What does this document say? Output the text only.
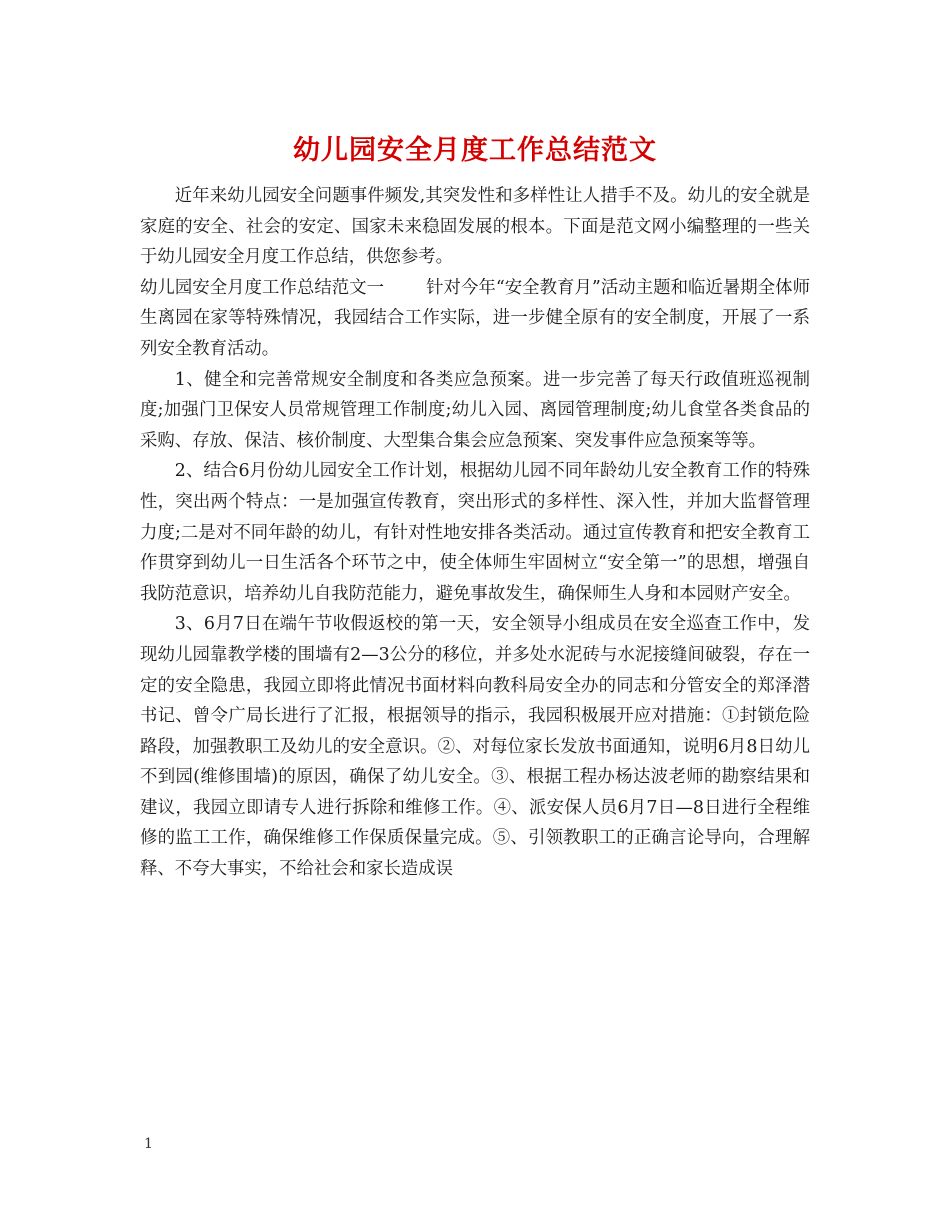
幼儿园安全月度工作总结范文

近年来幼儿园安全问题事件频发,其突发性和多样性让人措手不及。幼儿的安全就是家庭的安全、社会的安定、国家未来稳固发展的根本。下面是范文网小编整理的一些关于幼儿园安全月度工作总结，供您参考。

幼儿园安全月度工作总结范文一 针对今年“安全教育月”活动主题和临近暑期全体师生离园在家等特殊情况，我园结合工作实际，进一步健全原有的安全制度，开展了一系列安全教育活动。

1、健全和完善常规安全制度和各类应急预案。进一步完善了每天行政值班巡视制度;加强门卫保安人员常规管理工作制度;幼儿入园、离园管理制度;幼儿食堂各类食品的采购、存放、保洁、核价制度、大型集合集会应急预案、突发事件应急预案等等。

2、结合6月份幼儿园安全工作计划，根据幼儿园不同年龄幼儿安全教育工作的特殊性，突出两个特点：一是加强宣传教育，突出形式的多样性、深入性，并加大监督管理力度;二是对不同年龄的幼儿，有针对性地安排各类活动。通过宣传教育和把安全教育工作贯穿到幼儿一日生活各个环节之中，使全体师生牢固树立“安全第一”的思想，增强自我防范意识，培养幼儿自我防范能力，避免事故发生，确保师生人身和本园财产安全。

3、6月7日在端午节收假返校的第一天，安全领导小组成员在安全巡查工作中，发现幼儿园靠教学楼的围墙有2—3公分的移位，并多处水泥砖与水泥接缝间破裂，存在一定的安全隐患，我园立即将此情况书面材料向教科局安全办的同志和分管安全的郑泽潜书记、曾令广局长进行了汇报，根据领导的指示，我园积极展开应对措施：①封锁危险路段，加强教职工及幼儿的安全意识。②、对每位家长发放书面通知，说明6月8日幼儿不到园(维修围墙)的原因，确保了幼儿安全。③、根据工程办杨达波老师的勘察结果和建议，我园立即请专人进行拆除和维修工作。④、派安保人员6月7日—8日进行全程维修的监工工作，确保维修工作保质保量完成。⑤、引领教职工的正确言论导向，合理解释、不夸大事实，不给社会和家长造成误

1
